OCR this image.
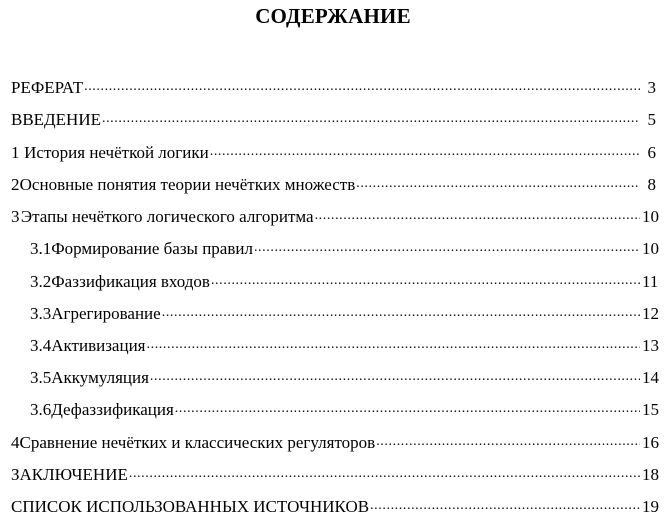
СОДЕРЖАНИЕ
РЕФЕРАТ .....	3
ВВЕДЕНИЕ .....	5
1 История нечёткой логики .....	6
2 Основные понятия теории нечётких множеств .....	8
3 Этапы нечёткого логического алгоритма .....	10
3.1 Формирование базы правил .....	10
3.2 Фаззификация входов .....	11
3.3 Агрегирование .....	12
3.4 Активизация .....	13
3.5 Аккумуляция .....	14
3.6 Дефаззификация .....	15
4 Сравнение нечётких и классических регуляторов .....	16
ЗАКЛЮЧЕНИЕ .....	18
СПИСОК ИСПОЛЬЗОВАННЫХ ИСТОЧНИКОВ .....	19
